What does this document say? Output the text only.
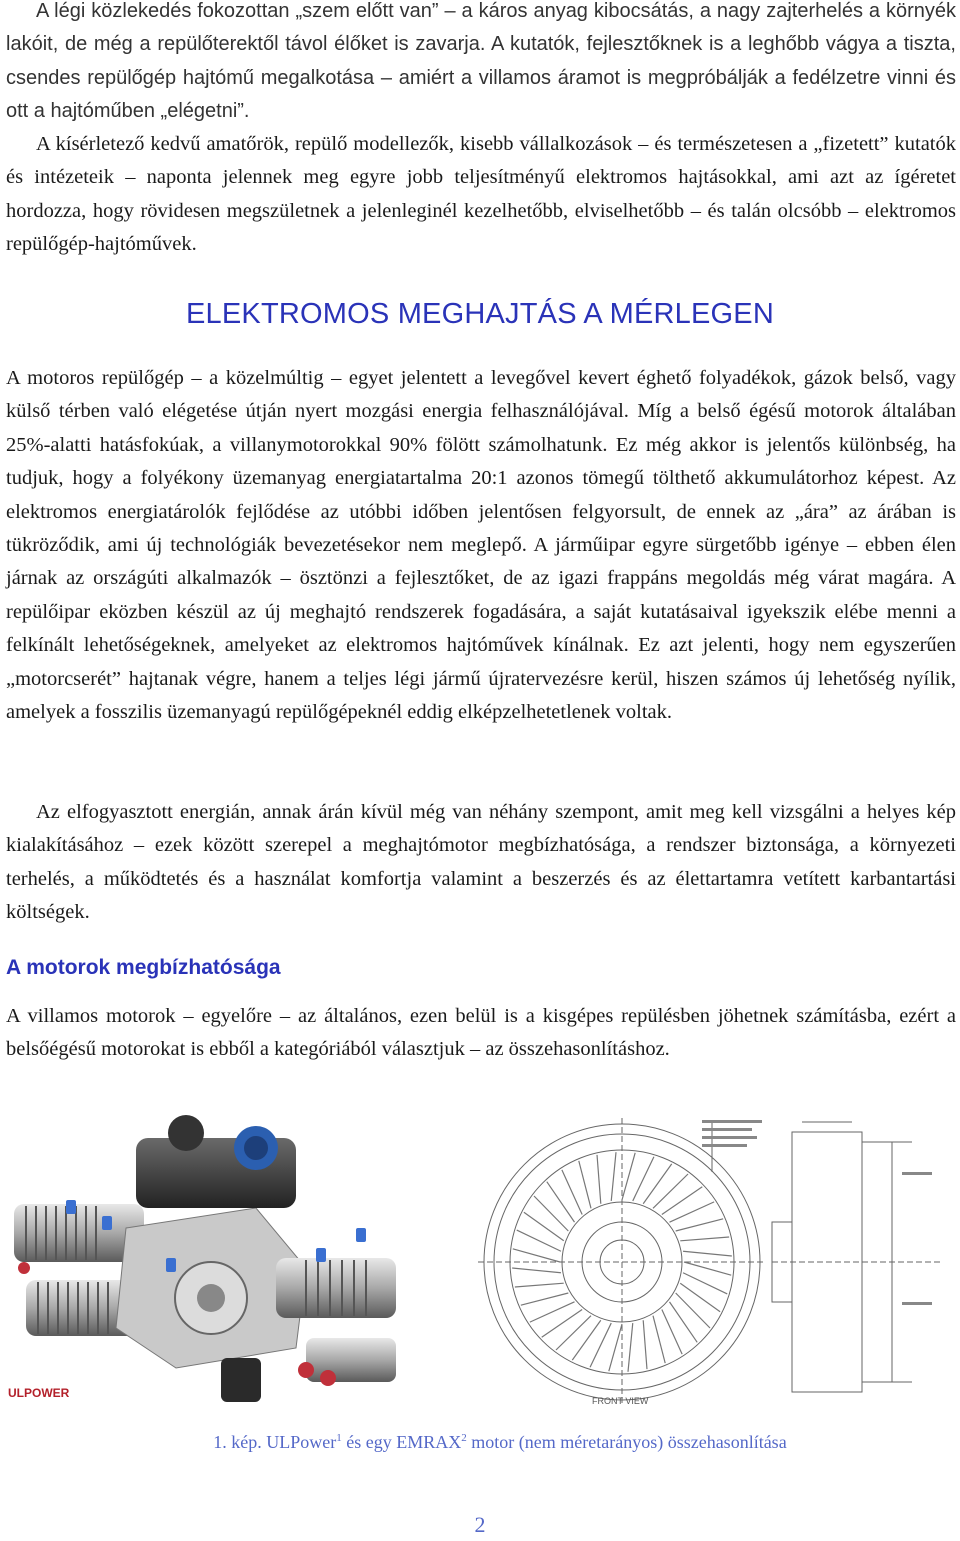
A légi közlekedés fokozottan „szem előtt van” – a káros anyag kibocsátás, a nagy zajterhelés a környék lakóit, de még a repülőterektől távol élőket is zavarja. A kutatók, fejlesztőknek is a leghőbb vágya a tiszta, csendes repülőgép hajtómű megalkotása – amiért a villamos áramot is megpróbálják a fedélzetre vinni és ott a hajtóműben „elégetni”.

A kísérletező kedvű amatőrök, repülő modellezők, kisebb vállalkozások – és természetesen a „fizetett” kutatók és intézeteik – naponta jelennek meg egyre jobb teljesítményű elektromos hajtásokkal, ami azt az ígéretet hordozza, hogy rövidesen megszületnek a jelenleginél kezelhetőbb, elviselhetőbb – és talán olcsóbb – elektromos repülőgép-hajtóművek.

ELEKTROMOS MEGHAJTÁS A MÉRLEGEN

A motoros repülőgép – a közelmúltig – egyet jelentett a levegővel kevert éghető folyadékok, gázok belső, vagy külső térben való elégetése útján nyert mozgási energia felhasználójával. Míg a belső égésű motorok általában 25%-alatti hatásfokúak, a villanymotorokkal 90% fölött számolhatunk. Ez még akkor is jelentős különbség, ha tudjuk, hogy a folyékony üzemanyag energiatartalma 20:1 azonos tömegű tölthető akkumulátorhoz képest. Az elektromos energiatárolók fejlődése az utóbbi időben jelentősen felgyorsult, de ennek az „ára” az árában is tükröződik, ami új technológiák bevezetésekor nem meglepő. A járműipar egyre sürgetőbb igénye – ebben élen járnak az országúti alkalmazók – ösztönzi a fejlesztőket, de az igazi frappáns megoldás még várat magára. A repülőipar eközben készül az új meghajtó rendszerek fogadására, a saját kutatásaival igyekszik elébe menni a felkínált lehetőségeknek, amelyeket az elektromos hajtóművek kínálnak. Ez azt jelenti, hogy nem egyszerűen „motorcserét” hajtanak végre, hanem a teljes légi jármű újratervezésre kerül, hiszen számos új lehetőség nyílik, amelyek a fosszilis üzemanyagú repülőgépeknél eddig elképzelhetetlenek voltak.

Az elfogyasztott energián, annak árán kívül még van néhány szempont, amit meg kell vizsgálni a helyes kép kialakításához – ezek között szerepel a meghajtómotor megbízhatósága, a rendszer biztonsága, a környezeti terhelés, a működtetés és a használat komfortja valamint a beszerzés és az élettartamra vetített karbantartási költségek.

A motorok megbízhatósága

A villamos motorok – egyelőre – az általános, ezen belül is a kisgépes repülésben jöhetnek számításba, ezért a belsőégésű motorokat is ebből a kategóriából választjuk – az összehasonlításhoz.

ULPOWER
FRONT VIEW
1. kép. ULPower$^1$ és egy EMRAX$^2$ motor (nem méretarányos) összehasonlítása
2
